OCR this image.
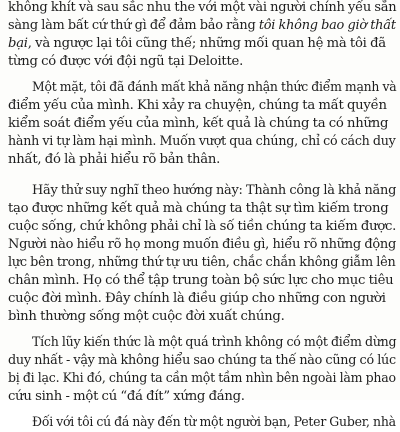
không khít và sau sắc nhu the với một vài người chính yếu sẵn
sàng làm bất cứ thứ gì để đảm bảo rằng tôi không bao giờ thất
bại, và ngược lại tôi cũng thế; những mối quan hệ mà tôi đã
từng có được với đội ngũ tại Deloitte.
Một mặt, tôi đã đánh mất khả năng nhận thức điểm mạnh và
điểm yếu của mình. Khi xảy ra chuyện, chúng ta mất quyền
kiểm soát điểm yếu của mình, kết quả là chúng ta có những
hành vi tự làm hại mình. Muốn vượt qua chúng, chỉ có cách duy
nhất, đó là phải hiểu rõ bản thân.
Hãy thử suy nghĩ theo hướng này: Thành công là khả năng
tạo được những kết quả mà chúng ta thật sự tìm kiếm trong
cuộc sống, chứ không phải chỉ là số tiền chúng ta kiếm được.
Người nào hiểu rõ họ mong muốn điều gì, hiểu rõ những động
lực bên trong, những thứ tự ưu tiên, chắc chắn không giẫm lên
chân mình. Họ có thể tập trung toàn bộ sức lực cho mục tiêu
cuộc đời mình. Đây chính là điều giúp cho những con người
bình thường sống một cuộc đời xuất chúng.
Tích lũy kiến thức là một quá trình không có một điểm dừng
duy nhất - vậy mà không hiểu sao chúng ta thế nào cũng có lúc
bị đi lạc. Khi đó, chúng ta cần một tầm nhìn bên ngoài làm phao
cứu sinh - một cú “đá đít” xứng đáng.
Đối với tôi cú đá này đến từ một người bạn, Peter Guber, nhà
